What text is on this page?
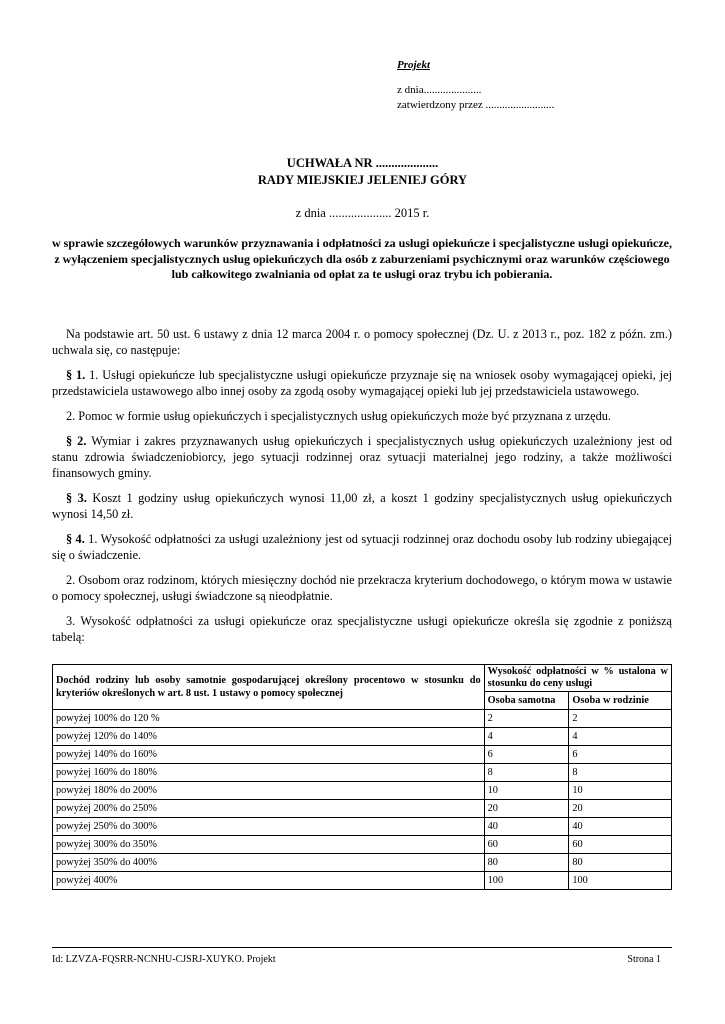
Projekt
z dnia.....................
zatwierdzony przez .........................
UCHWAŁA NR ....................
RADY MIEJSKIEJ JELENIEJ GÓRY
z dnia .................... 2015 r.
w sprawie szczegółowych warunków przyznawania i odpłatności za usługi opiekuńcze i specjalistyczne usługi opiekuńcze, z wyłączeniem specjalistycznych usług opiekuńczych dla osób z zaburzeniami psychicznymi oraz warunków częściowego lub całkowitego zwalniania od opłat za te usługi oraz trybu ich pobierania.

Na podstawie art. 50 ust. 6 ustawy z dnia 12 marca 2004 r. o pomocy społecznej (Dz. U. z 2013 r., poz. 182 z późn. zm.) uchwala się, co następuje:

§ 1. 1. Usługi opiekuńcze lub specjalistyczne usługi opiekuńcze przyznaje się na wniosek osoby wymagającej opieki, jej przedstawiciela ustawowego albo innej osoby za zgodą osoby wymagającej opieki lub jej przedstawiciela ustawowego.

2. Pomoc w formie usług opiekuńczych i specjalistycznych usług opiekuńczych może być przyznana z urzędu.

§ 2. Wymiar i zakres przyznawanych usług opiekuńczych i specjalistycznych usług opiekuńczych uzależniony jest od stanu zdrowia świadczeniobiorcy, jego sytuacji rodzinnej oraz sytuacji materialnej jego rodziny, a także możliwości finansowych gminy.

§ 3. Koszt 1 godziny usług opiekuńczych wynosi 11,00 zł, a koszt 1 godziny specjalistycznych usług opiekuńczych wynosi 14,50 zł.

§ 4. 1. Wysokość odpłatności za usługi uzależniony jest od sytuacji rodzinnej oraz dochodu osoby lub rodziny ubiegającej się o świadczenie.

2. Osobom oraz rodzinom, których miesięczny dochód nie przekracza kryterium dochodowego, o którym mowa w ustawie o pomocy społecznej, usługi świadczone są nieodpłatnie.

3. Wysokość odpłatności za usługi opiekuńcze oraz specjalistyczne usługi opiekuńcze określa się zgodnie z poniższą tabelą:

Dochód rodziny lub osoby samotnie gospodarującej określony procentowo w stosunku do kryteriów określonych w art. 8 ust. 1 ustawy o pomocy społecznej	Wysokość odpłatności w % ustalona w stosunku do ceny usługi	
	Osoba samotna	Osoba w rodzinie
powyżej 100% do 120 %	2	2
powyżej 120% do 140%	4	4
powyżej 140% do 160%	6	6
powyżej 160% do 180%	8	8
powyżej 180% do 200%	10	10
powyżej 200% do 250%	20	20
powyżej 250% do 300%	40	40
powyżej 300% do 350%	60	60
powyżej 350% do 400%	80	80
powyżej 400%	100	100
Id: LZVZA-FQSRR-NCNHU-CJSRJ-XUYKO. Projekt	Strona 1
